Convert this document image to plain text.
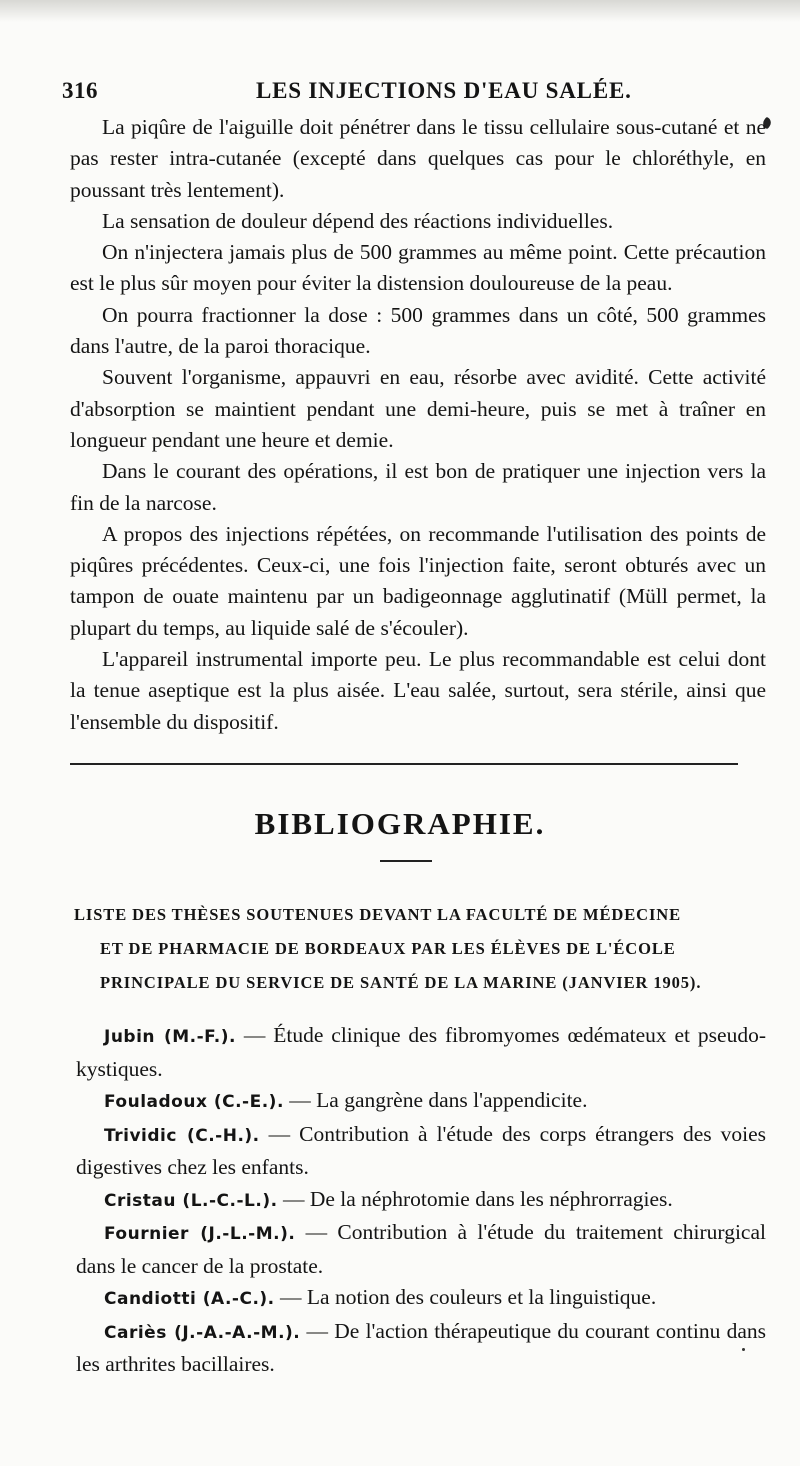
316	LES INJECTIONS D'EAU SALÉE.

La piqûre de l'aiguille doit pénétrer dans le tissu cellulaire sous-cutané et ne pas rester intra-cutanée (excepté dans quelques cas pour le chloréthyle, en poussant très lentement).

La sensation de douleur dépend des réactions individuelles.

On n'injectera jamais plus de 500 grammes au même point. Cette précaution est le plus sûr moyen pour éviter la distension douloureuse de la peau.

On pourra fractionner la dose : 500 grammes dans un côté, 500 grammes dans l'autre, de la paroi thoracique.

Souvent l'organisme, appauvri en eau, résorbe avec avidité. Cette activité d'absorption se maintient pendant une demi-heure, puis se met à traîner en longueur pendant une heure et demie.

Dans le courant des opérations, il est bon de pratiquer une injection vers la fin de la narcose.

A propos des injections répétées, on recommande l'utilisation des points de piqûres précédentes. Ceux-ci, une fois l'injection faite, seront obturés avec un tampon de ouate maintenu par un badigeonnage agglutinatif (Müll permet, la plupart du temps, au liquide salé de s'écouler).

L'appareil instrumental importe peu. Le plus recommandable est celui dont la tenue aseptique est la plus aisée. L'eau salée, surtout, sera stérile, ainsi que l'ensemble du dispositif.

BIBLIOGRAPHIE.
LISTE DES THÈSES SOUTENUES DEVANT LA FACULTÉ DE MÉDECINE
ET DE PHARMACIE DE BORDEAUX PAR LES ÉLÈVES DE L'ÉCOLE
PRINCIPALE DU SERVICE DE SANTÉ DE LA MARINE (JANVIER 1905).

Jubin (M.-F.). — Étude clinique des fibromyomes œdémateux et pseudo-kystiques.

Fouladoux (C.-E.). — La gangrène dans l'appendicite.

Trividic (C.-H.). — Contribution à l'étude des corps étrangers des voies digestives chez les enfants.

Cristau (L.-C.-L.). — De la néphrotomie dans les néphrorragies.

Fournier (J.-L.-M.). — Contribution à l'étude du traitement chirurgical dans le cancer de la prostate.

Candiotti (A.-C.). — La notion des couleurs et la linguistique.

Cariès (J.-A.-A.-M.). — De l'action thérapeutique du courant continu dans les arthrites bacillaires.
